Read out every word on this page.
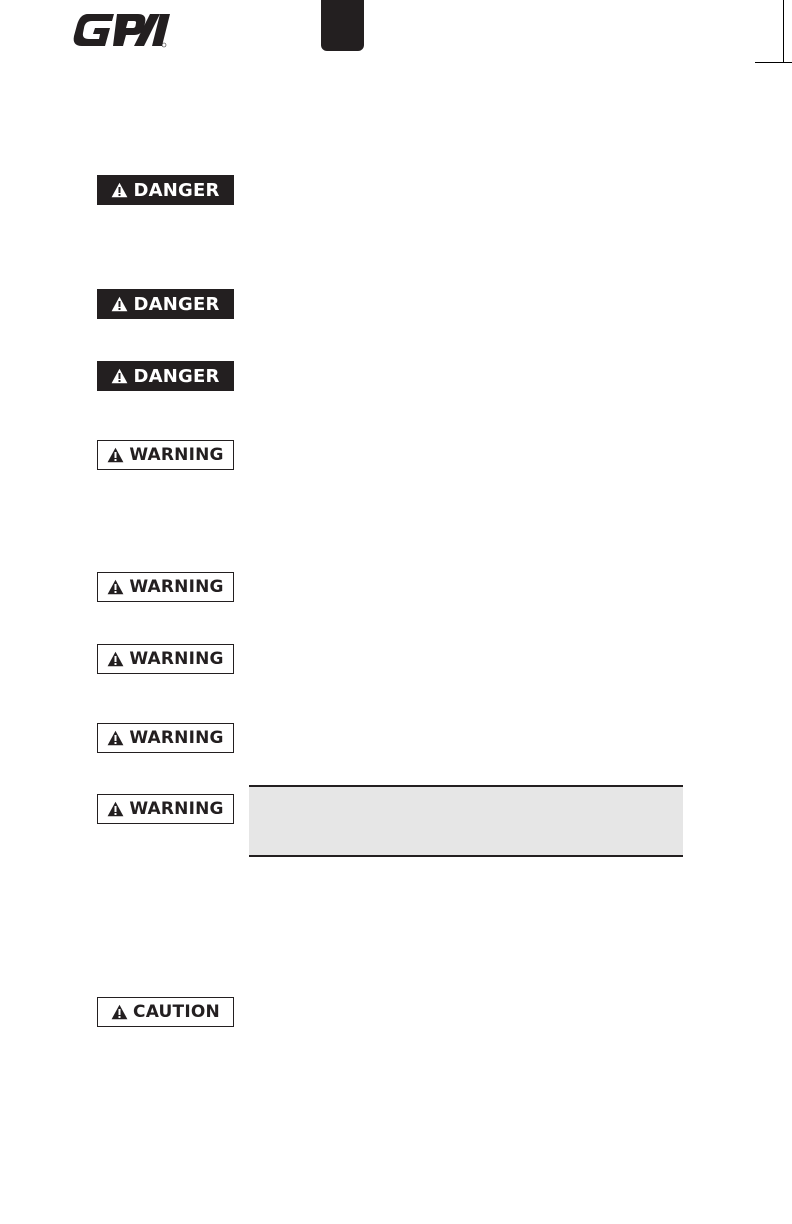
DANGER
DANGER
DANGER
WARNING
WARNING
WARNING
WARNING
WARNING
CAUTION
